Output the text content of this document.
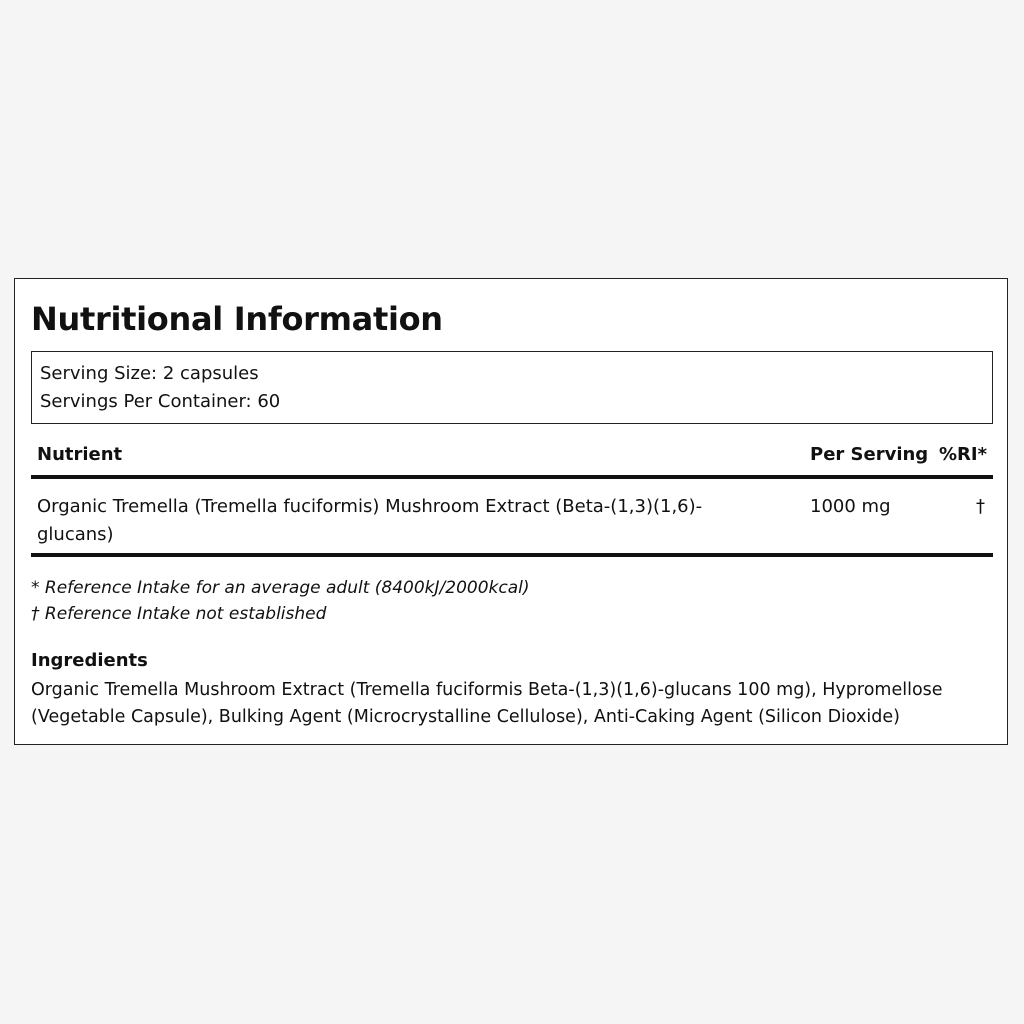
Nutritional Information
Serving Size: 2 capsules
Servings Per Container: 60
Nutrient	Per Serving %RI*
Organic Tremella (Tremella fuciformis) Mushroom Extract (Beta-(1,3)(1,6)-glucans)
1000 mg	†
* Reference Intake for an average adult (8400kJ/2000kcal)
† Reference Intake not established
Ingredients

Organic Tremella Mushroom Extract (Tremella fuciformis Beta-(1,3)(1,6)-glucans 100 mg), Hypromellose (Vegetable Capsule), Bulking Agent (Microcrystalline Cellulose), Anti-Caking Agent (Silicon Dioxide)
